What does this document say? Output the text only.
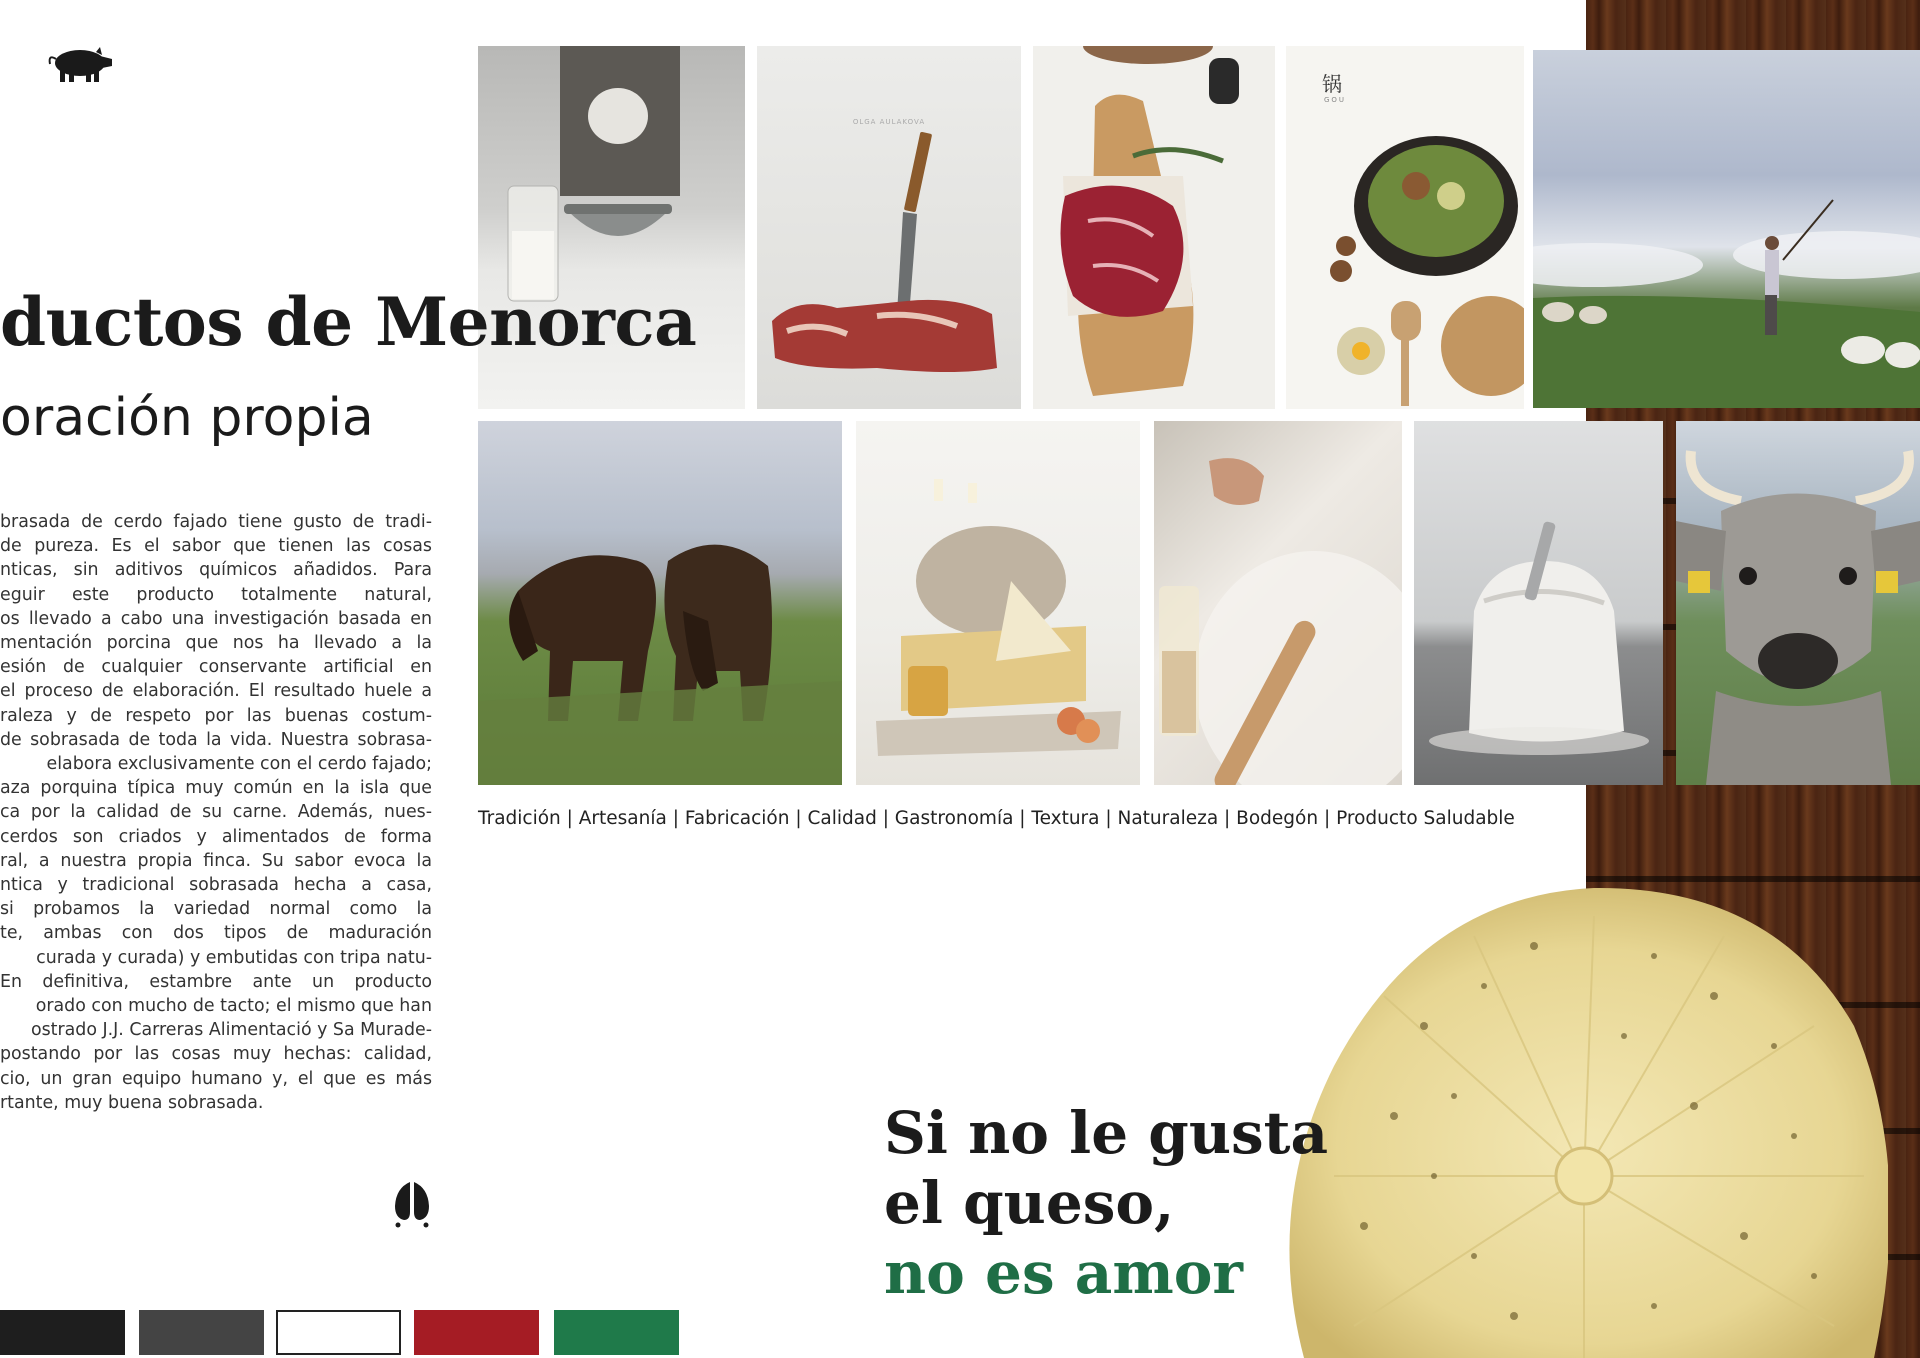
OLGA AULAKOVA
锅
GOU
ductos de Menorca
oración propia
brasada de cerdo fajado tiene gusto de tradi-
de pureza. Es el sabor que tienen las cosas
nticas, sin aditivos químicos añadidos. Para
eguir este producto totalmente natural,
os llevado a cabo una investigación basada en
mentación porcina que nos ha llevado a la
esión de cualquier conservante artificial en
el proceso de elaboración. El resultado huele a
raleza y de respeto por las buenas costum-
de sobrasada de toda la vida. Nuestra sobrasa-
elabora exclusivamente con el cerdo fajado;
aza porquina típica muy común en la isla que
ca por la calidad de su carne. Además, nues-
cerdos son criados y alimentados de forma
ral, a nuestra propia finca. Su sabor evoca la
ntica y tradicional sobrasada hecha a casa,
si probamos la variedad normal como la
te, ambas con dos tipos de maduración
curada y curada) y embutidas con tripa natu-
En definitiva, estambre ante un producto
orado con mucho de tacto; el mismo que han
ostrado J.J. Carreras Alimentació y Sa Murade-
postando por las cosas muy hechas: calidad,
cio, un gran equipo humano y, el que es más
rtante, muy buena sobrasada.
Tradición | Artesanía | Fabricación | Calidad | Gastronomía | Textura | Naturaleza | Bodegón | Producto Saludable
Si no le gusta
el queso,
no es amor
